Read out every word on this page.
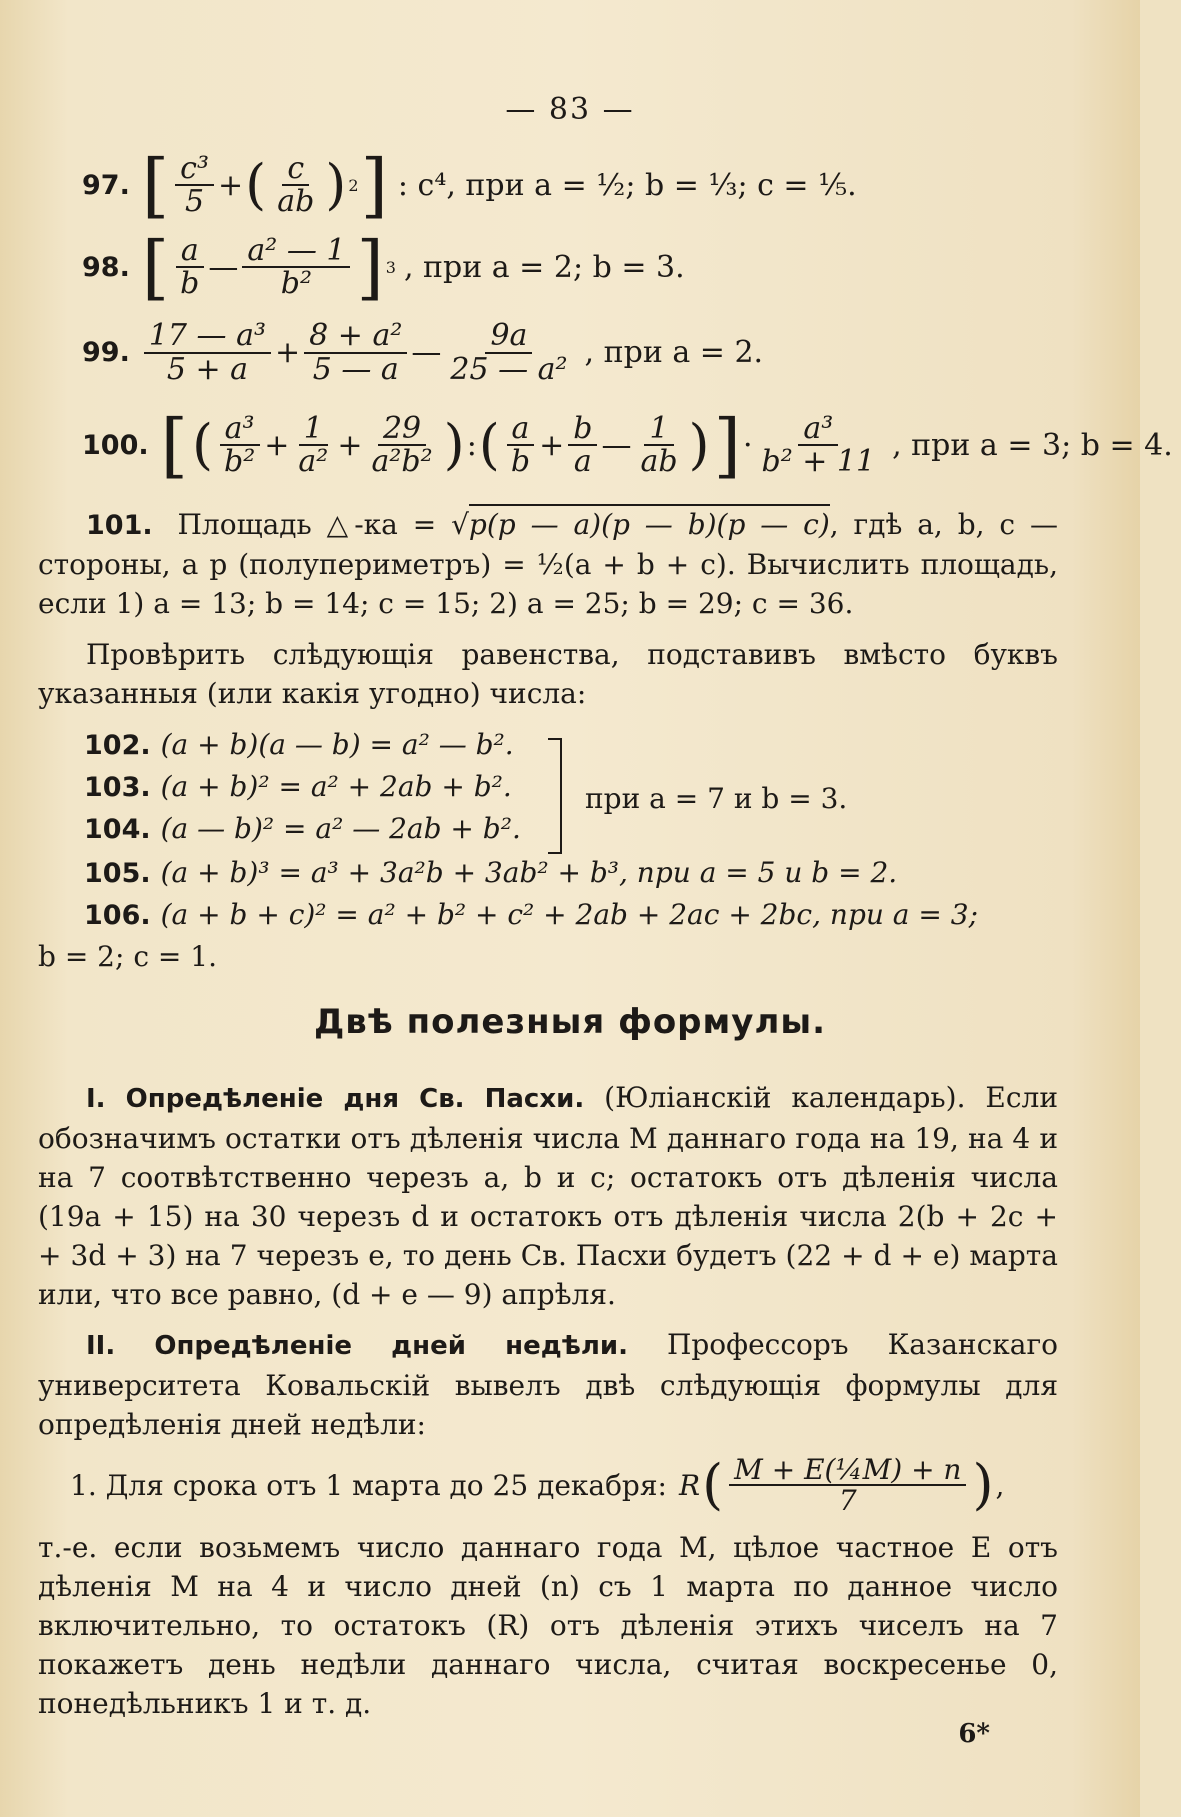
— 83 —
97. [ $\frac{\text{c³}}{5}$ + ( $\frac{c}{ab}$ ) 2 ] : c⁴, при a = ½; b = ⅓; c = ⅕.
98. [ $\frac{a}{b}$ — $\frac{\text{a² — 1}}{\text{b²}}$ ] 3 , при a = 2; b = 3.
99. $\frac{\text{17 — a³}}{5 + a} + \frac{\text{8 + a²}}{5 — a}$ — $\frac{9a}{\text{25 — a²}}$ , при a = 2.
100. [ ( $\frac{\text{a³}}{\text{b²}} + \frac{1}{\text{a²}} + \frac{29}{\text{a²b²}}$ ) : ( $\frac{a}{b} + \frac{b}{a}$ — $\frac{1}{ab}$ ) ] · $\frac{\text{a³}}{\text{b² + 11}}$ , при a = 3; b = 4.
101. Площадь △-ка = √p(p — a)(p — b)(p — c), гдѣ a, b, c — стороны, а p (полупериметръ) = ½(a + b + c). Вычислить площадь, если 1) a = 13; b = 14; c = 15; 2) a = 25; b = 29; c = 36.
Провѣрить слѣдующія равенства, подставивъ вмѣсто буквъ указанныя (или какія угодно) числа:
102. (a + b)(a — b) = a² — b².
103. (a + b)² = a² + 2ab + b².
104. (a — b)² = a² — 2ab + b².
при a = 7 и b = 3.
105. (a + b)³ = a³ + 3a²b + 3ab² + b³, при a = 5 и b = 2.
106. (a + b + c)² = a² + b² + c² + 2ab + 2ac + 2bc, при a = 3;
b = 2; c = 1.
Двѣ полезныя формулы.
I. Опредѣленіе дня Св. Пасхи. (Юліанскій календарь). Если обозначимъ остатки отъ дѣленія числа M даннаго года на 19, на 4 и на 7 соотвѣтственно черезъ a, b и c; остатокъ отъ дѣленія числа (19a + 15) на 30 черезъ d и остатокъ отъ дѣленія числа 2(b + 2c + + 3d + 3) на 7 черезъ e, то день Св. Пасхи будетъ (22 + d + e) марта или, что все равно, (d + e — 9) апрѣля.
II. Опредѣленіе дней недѣли. Профессоръ Казанскаго университета Ковальскій вывелъ двѣ слѣдующія формулы для опредѣленія дней недѣли:
1. Для срока отъ 1 марта до 25 декабря: R ( $\frac{\text{M + E(¼M) + n}}{7}$ ) ,
т.-е. если возьмемъ число даннаго года M, цѣлое частное E отъ дѣленія M на 4 и число дней (n) съ 1 марта по данное число включительно, то остатокъ (R) отъ дѣленія этихъ чиселъ на 7 покажетъ день недѣли даннаго числа, считая воскресенье 0, понедѣльникъ 1 и т. д.
6*
